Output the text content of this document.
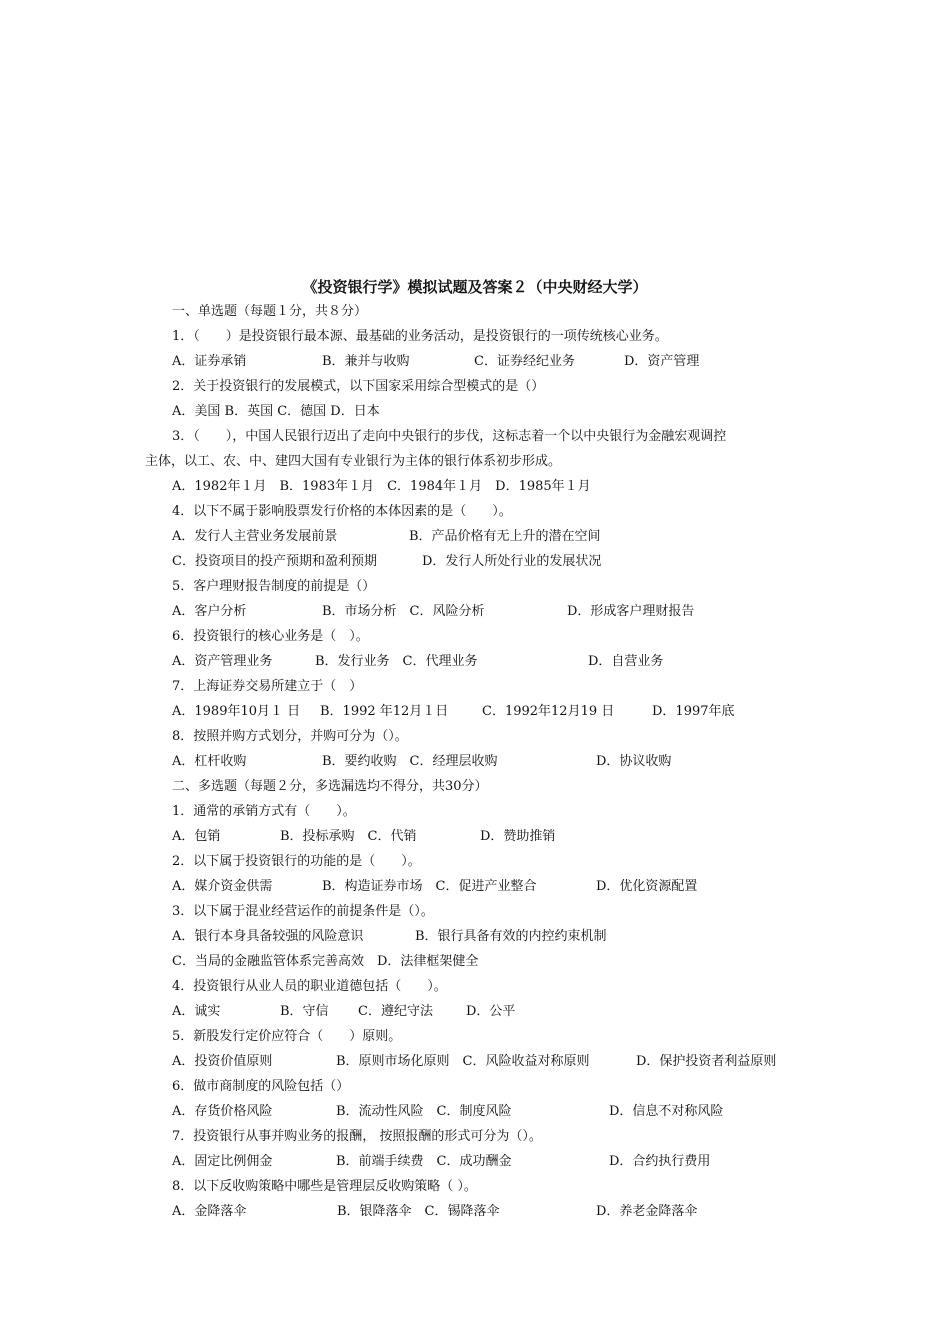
《投资银行学》模拟试题及答案２（中央财经大学）
一、单选题（每题１分，共８分）
1．（　　）是投资银行最本源、最基础的业务活动，是投资银行的一项传统核心业务。
A．证券承销	B．兼并与收购	C．证券经纪业务	D．资产管理
2．关于投资银行的发展模式，以下国家采用综合型模式的是（）
A．美国 B．英国 C．德国 D．日本
3．（　　），中国人民银行迈出了走向中央银行的步伐，这标志着一个以中央银行为金融宏观调控
主体，以工、农、中、建四大国有专业银行为主体的银行体系初步形成。
A．1982年１月　B．1983年１月　C．1984年１月　D．1985年１月
4．以下不属于影响股票发行价格的本体因素的是（　　）。
A．发行人主营业务发展前景	B．产品价格有无上升的潜在空间
C．投资项目的投产预期和盈利预期	D．发行人所处行业的发展状况
5．客户理财报告制度的前提是（）
A．客户分析	B．市场分析　C．风险分析	D．形成客户理财报告
6．投资银行的核心业务是（　）。
A．资产管理业务	B．发行业务　C．代理业务	D．自营业务
7．上海证券交易所建立于（　）
A．1989年10月１ 日 B．1992 年12月１日	C．1992年12月19 日	D．1997年底
8．按照并购方式划分，并购可分为（）。
A．杠杆收购	B．要约收购　C．经理层收购	D．协议收购
二、多选题（每题２分，多选漏选均不得分，共30分）
1．通常的承销方式有（　　）。
A．包销	B．投标承购　C．代销	D．赞助推销
2．以下属于投资银行的功能的是（　　）。
A．媒介资金供需	B．构造证券市场　C．促进产业整合	D．优化资源配置
3．以下属于混业经营运作的前提条件是（）。
A．银行本身具备较强的风险意识	B．银行具备有效的内控约束机制
C．当局的金融监管体系完善高效　D．法律框架健全
4．投资银行从业人员的职业道德包括（　　）。
A．诚实	B．守信 C．遵纪守法	D．公平
5．新股发行定价应符合（　　）原则。
A．投资价值原则	B．原则市场化原则　C．风险收益对称原则	D．保护投资者利益原则
6．做市商制度的风险包括（）
A．存货价格风险	B．流动性风险　C．制度风险	D．信息不对称风险
7．投资银行从事并购业务的报酬， 按照报酬的形式可分为（）。
A．固定比例佣金	B．前端手续费　C．成功酬金	D．合约执行费用
8．以下反收购策略中哪些是管理层反收购策略（ ）。
A．金降落伞	B．银降落伞　C．锡降落伞	D．养老金降落伞
